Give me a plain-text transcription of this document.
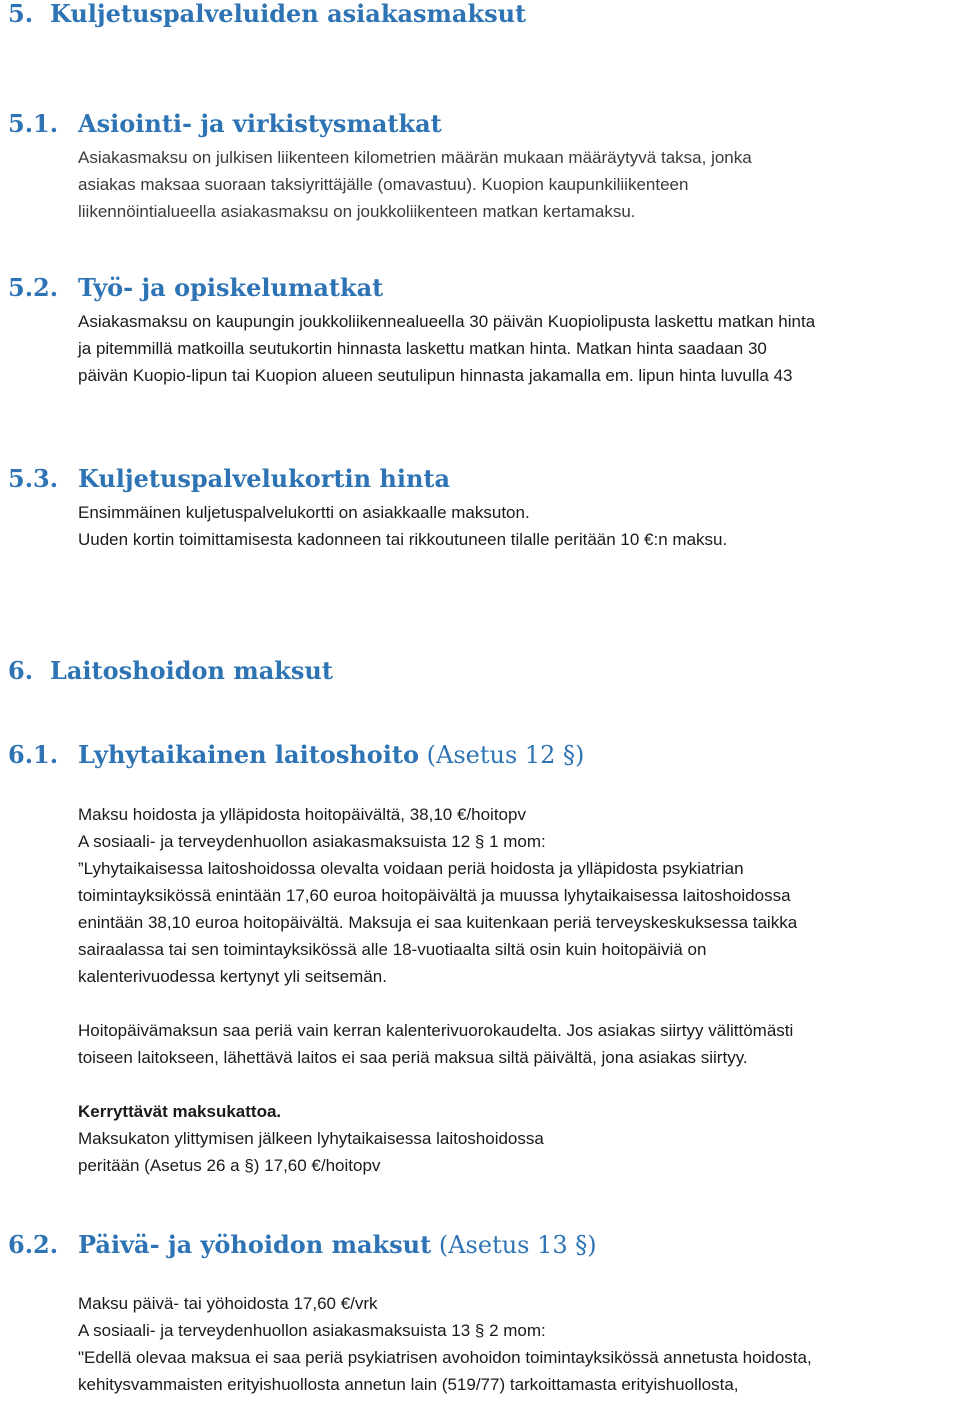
5. Kuljetuspalveluiden asiakasmaksut
5.1. Asiointi- ja virkistysmatkat

Asiakasmaksu on julkisen liikenteen kilometrien määrän mukaan määräytyvä taksa, jonka

asiakas maksaa suoraan taksiyrittäjälle (omavastuu). Kuopion kaupunkiliikenteen

liikennöintialueella asiakasmaksu on joukkoliikenteen matkan kertamaksu.

5.2. Työ- ja opiskelumatkat

Asiakasmaksu on kaupungin joukkoliikennealueella 30 päivän Kuopiolipusta laskettu matkan hinta

ja pitemmillä matkoilla seutukortin hinnasta laskettu matkan hinta. Matkan hinta saadaan 30

päivän Kuopio-lipun tai Kuopion alueen seutulipun hinnasta jakamalla em. lipun hinta luvulla 43

5.3. Kuljetuspalvelukortin hinta

Ensimmäinen kuljetuspalvelukortti on asiakkaalle maksuton.

Uuden kortin toimittamisesta kadonneen tai rikkoutuneen tilalle peritään 10 €:n maksu.

6. Laitoshoidon maksut
6.1. Lyhytaikainen laitoshoito (Asetus 12 §)

Maksu hoidosta ja ylläpidosta hoitopäivältä, 38,10 €/hoitopv

A sosiaali- ja terveydenhuollon asiakasmaksuista 12 § 1 mom:

”Lyhytaikaisessa laitoshoidossa olevalta voidaan periä hoidosta ja ylläpidosta psykiatrian

toimintayksikössä enintään 17,60 euroa hoitopäivältä ja muussa lyhytaikaisessa laitoshoidossa

enintään 38,10 euroa hoitopäivältä. Maksuja ei saa kuitenkaan periä terveyskeskuksessa taikka

sairaalassa tai sen toimintayksikössä alle 18-vuotiaalta siltä osin kuin hoitopäiviä on

kalenterivuodessa kertynyt yli seitsemän.

Hoitopäivämaksun saa periä vain kerran kalenterivuorokaudelta. Jos asiakas siirtyy välittömästi

toiseen laitokseen, lähettävä laitos ei saa periä maksua siltä päivältä, jona asiakas siirtyy.

Kerryttävät maksukattoa.

Maksukaton ylittymisen jälkeen lyhytaikaisessa laitoshoidossa

peritään (Asetus 26 a §) 17,60 €/hoitopv

6.2. Päivä- ja yöhoidon maksut (Asetus 13 §)

Maksu päivä- tai yöhoidosta 17,60 €/vrk

A sosiaali- ja terveydenhuollon asiakasmaksuista 13 § 2 mom:

"Edellä olevaa maksua ei saa periä psykiatrisen avohoidon toimintayksikössä annetusta hoidosta,

kehitysvammaisten erityishuollosta annetun lain (519/77) tarkoittamasta erityishuollosta,
